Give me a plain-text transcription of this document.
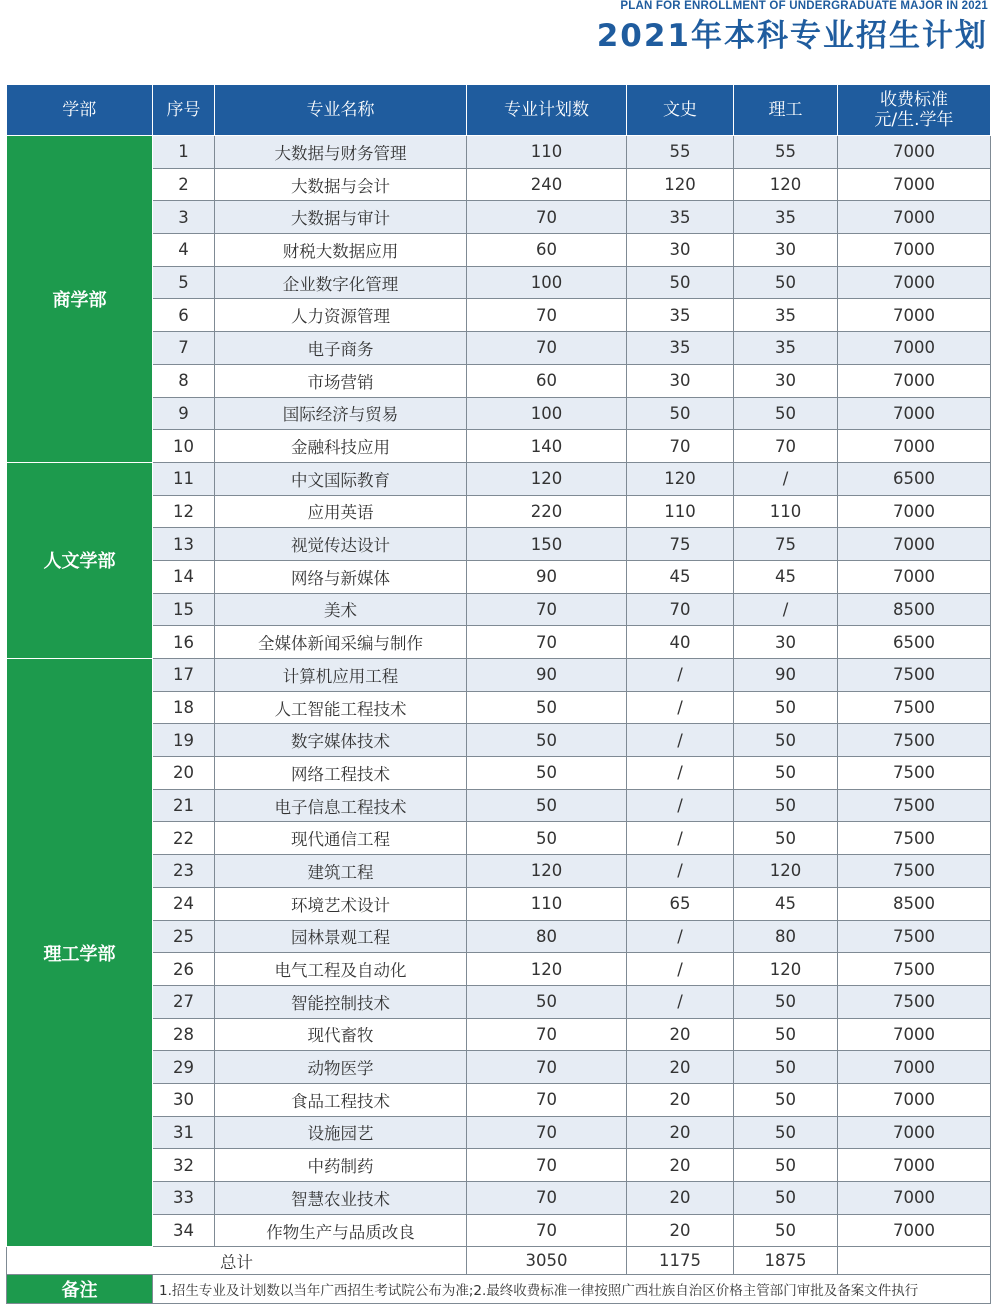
PLAN FOR ENROLLMENT OF UNDERGRADUATE MAJOR IN 2021
2021年本科专业招生计划
学部	序号	专业名称	专业计划数	文史	理工	收费标准
元/生.学年
商学部	1	大数据与财务管理	110	55	55	7000
	2	大数据与会计	240	120	120	7000
	3	大数据与审计	70	35	35	7000
	4	财税大数据应用	60	30	30	7000
	5	企业数字化管理	100	50	50	7000
	6	人力资源管理	70	35	35	7000
	7	电子商务	70	35	35	7000
	8	市场营销	60	30	30	7000
	9	国际经济与贸易	100	50	50	7000
	10	金融科技应用	140	70	70	7000
人文学部	11	中文国际教育	120	120	/	6500
	12	应用英语	220	110	110	7000
	13	视觉传达设计	150	75	75	7000
	14	网络与新媒体	90	45	45	7000
	15	美术	70	70	/	8500
	16	全媒体新闻采编与制作	70	40	30	6500
理工学部	17	计算机应用工程	90	/	90	7500
	18	人工智能工程技术	50	/	50	7500
	19	数字媒体技术	50	/	50	7500
	20	网络工程技术	50	/	50	7500
	21	电子信息工程技术	50	/	50	7500
	22	现代通信工程	50	/	50	7500
	23	建筑工程	120	/	120	7500
	24	环境艺术设计	110	65	45	8500
	25	园林景观工程	80	/	80	7500
	26	电气工程及自动化	120	/	120	7500
	27	智能控制技术	50	/	50	7500
	28	现代畜牧	70	20	50	7000
	29	动物医学	70	20	50	7000
	30	食品工程技术	70	20	50	7000
	31	设施园艺	70	20	50	7000
	32	中药制药	70	20	50	7000
	33	智慧农业技术	70	20	50	7000
	34	作物生产与品质改良	70	20	50	7000
总计			3050	1175	1875	
备注	1.招生专业及计划数以当年广西招生考试院公布为准;2.最终收费标准一律按照广西壮族自治区价格主管部门审批及备案文件执行					
